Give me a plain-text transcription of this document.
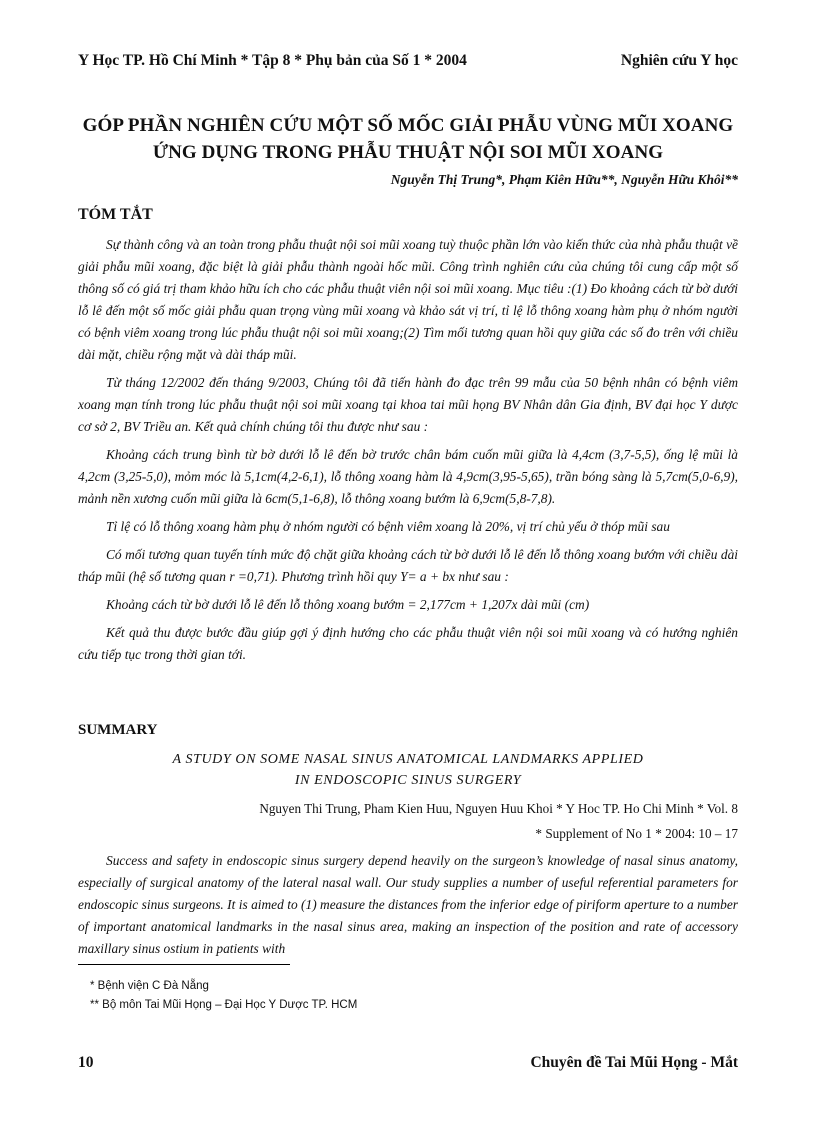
Y Học TP. Hồ Chí Minh * Tập 8 * Phụ bản của Số 1 * 2004	Nghiên cứu Y học
GÓP PHẦN NGHIÊN CỨU MỘT SỐ MỐC GIẢI PHẪU VÙNG MŨI XOANG
ỨNG DỤNG TRONG PHẪU THUẬT NỘI SOI MŨI XOANG
Nguyễn Thị Trung*, Phạm Kiên Hữu**, Nguyễn Hữu Khôi**
TÓM TẮT

Sự thành công và an toàn trong phẫu thuật nội soi mũi xoang tuỳ thuộc phần lớn vào kiến thức của nhà phẫu thuật về giải phẫu mũi xoang, đặc biệt là giải phẫu thành ngoài hốc mũi. Công trình nghiên cứu của chúng tôi cung cấp một số thông số có giá trị tham khảo hữu ích cho các phẫu thuật viên nội soi mũi xoang. Mục tiêu :(1) Đo khoảng cách từ bờ dưới lỗ lê đến một số mốc giải phẫu quan trọng vùng mũi xoang và khảo sát vị trí, tỉ lệ lỗ thông xoang hàm phụ ở nhóm người có bệnh viêm xoang trong lúc phẫu thuật nội soi mũi xoang;(2) Tìm mối tương quan hồi quy giữa các số đo trên với chiều dài mặt, chiều rộng mặt và dài tháp mũi.

Từ tháng 12/2002 đến tháng 9/2003, Chúng tôi đã tiến hành đo đạc trên 99 mẫu của 50 bệnh nhân có bệnh viêm xoang mạn tính trong lúc phẫu thuật nội soi mũi xoang tại khoa tai mũi họng BV Nhân dân Gia định, BV đại học Y dược cơ sở 2, BV Triều an. Kết quả chính chúng tôi thu được như sau :

Khoảng cách trung bình từ bờ dưới lỗ lê đến bờ trước chân bám cuốn mũi giữa là 4,4cm (3,7-5,5), ống lệ mũi là 4,2cm (3,25-5,0), mỏm móc là 5,1cm(4,2-6,1), lỗ thông xoang hàm là 4,9cm(3,95-5,65), trần bóng sàng là 5,7cm(5,0-6,9), mảnh nền xương cuốn mũi giữa là 6cm(5,1-6,8), lỗ thông xoang bướm là 6,9cm(5,8-7,8).

Tỉ lệ có lỗ thông xoang hàm phụ ở nhóm người có bệnh viêm xoang là 20%, vị trí chủ yếu ở thóp mũi sau

Có mối tương quan tuyến tính mức độ chặt giữa khoảng cách từ bờ dưới lỗ lê đến lỗ thông xoang bướm với chiều dài tháp mũi (hệ số tương quan r =0,71). Phương trình hồi quy Y= a + bx như sau :

Khoảng cách từ bờ dưới lỗ lê đến lỗ thông xoang bướm = 2,177cm + 1,207x dài mũi (cm)

Kết quả thu được bước đầu giúp gợi ý định hướng cho các phẫu thuật viên nội soi mũi xoang và có hướng nghiên cứu tiếp tục trong thời gian tới.

SUMMARY
A STUDY ON SOME NASAL SINUS ANATOMICAL LANDMARKS APPLIED
IN ENDOSCOPIC SINUS SURGERY
Nguyen Thi Trung, Pham Kien Huu, Nguyen Huu Khoi * Y Hoc TP. Ho Chi Minh * Vol. 8
* Supplement of No 1 * 2004: 10 – 17

Success and safety in endoscopic sinus surgery depend heavily on the surgeon’s knowledge of nasal sinus anatomy, especially of surgical anatomy of the lateral nasal wall. Our study supplies a number of useful referential parameters for endoscopic sinus surgeons. It is aimed to (1) measure the distances from the inferior edge of piriform aperture to a number of important anatomical landmarks in the nasal sinus area, making an inspection of the position and rate of accessory maxillary sinus ostium in patients with

* Bệnh viện C Đà Nẵng
** Bộ môn Tai Mũi Họng – Đại Học Y Dược TP. HCM
10	Chuyên đề Tai Mũi Họng - Mắt
